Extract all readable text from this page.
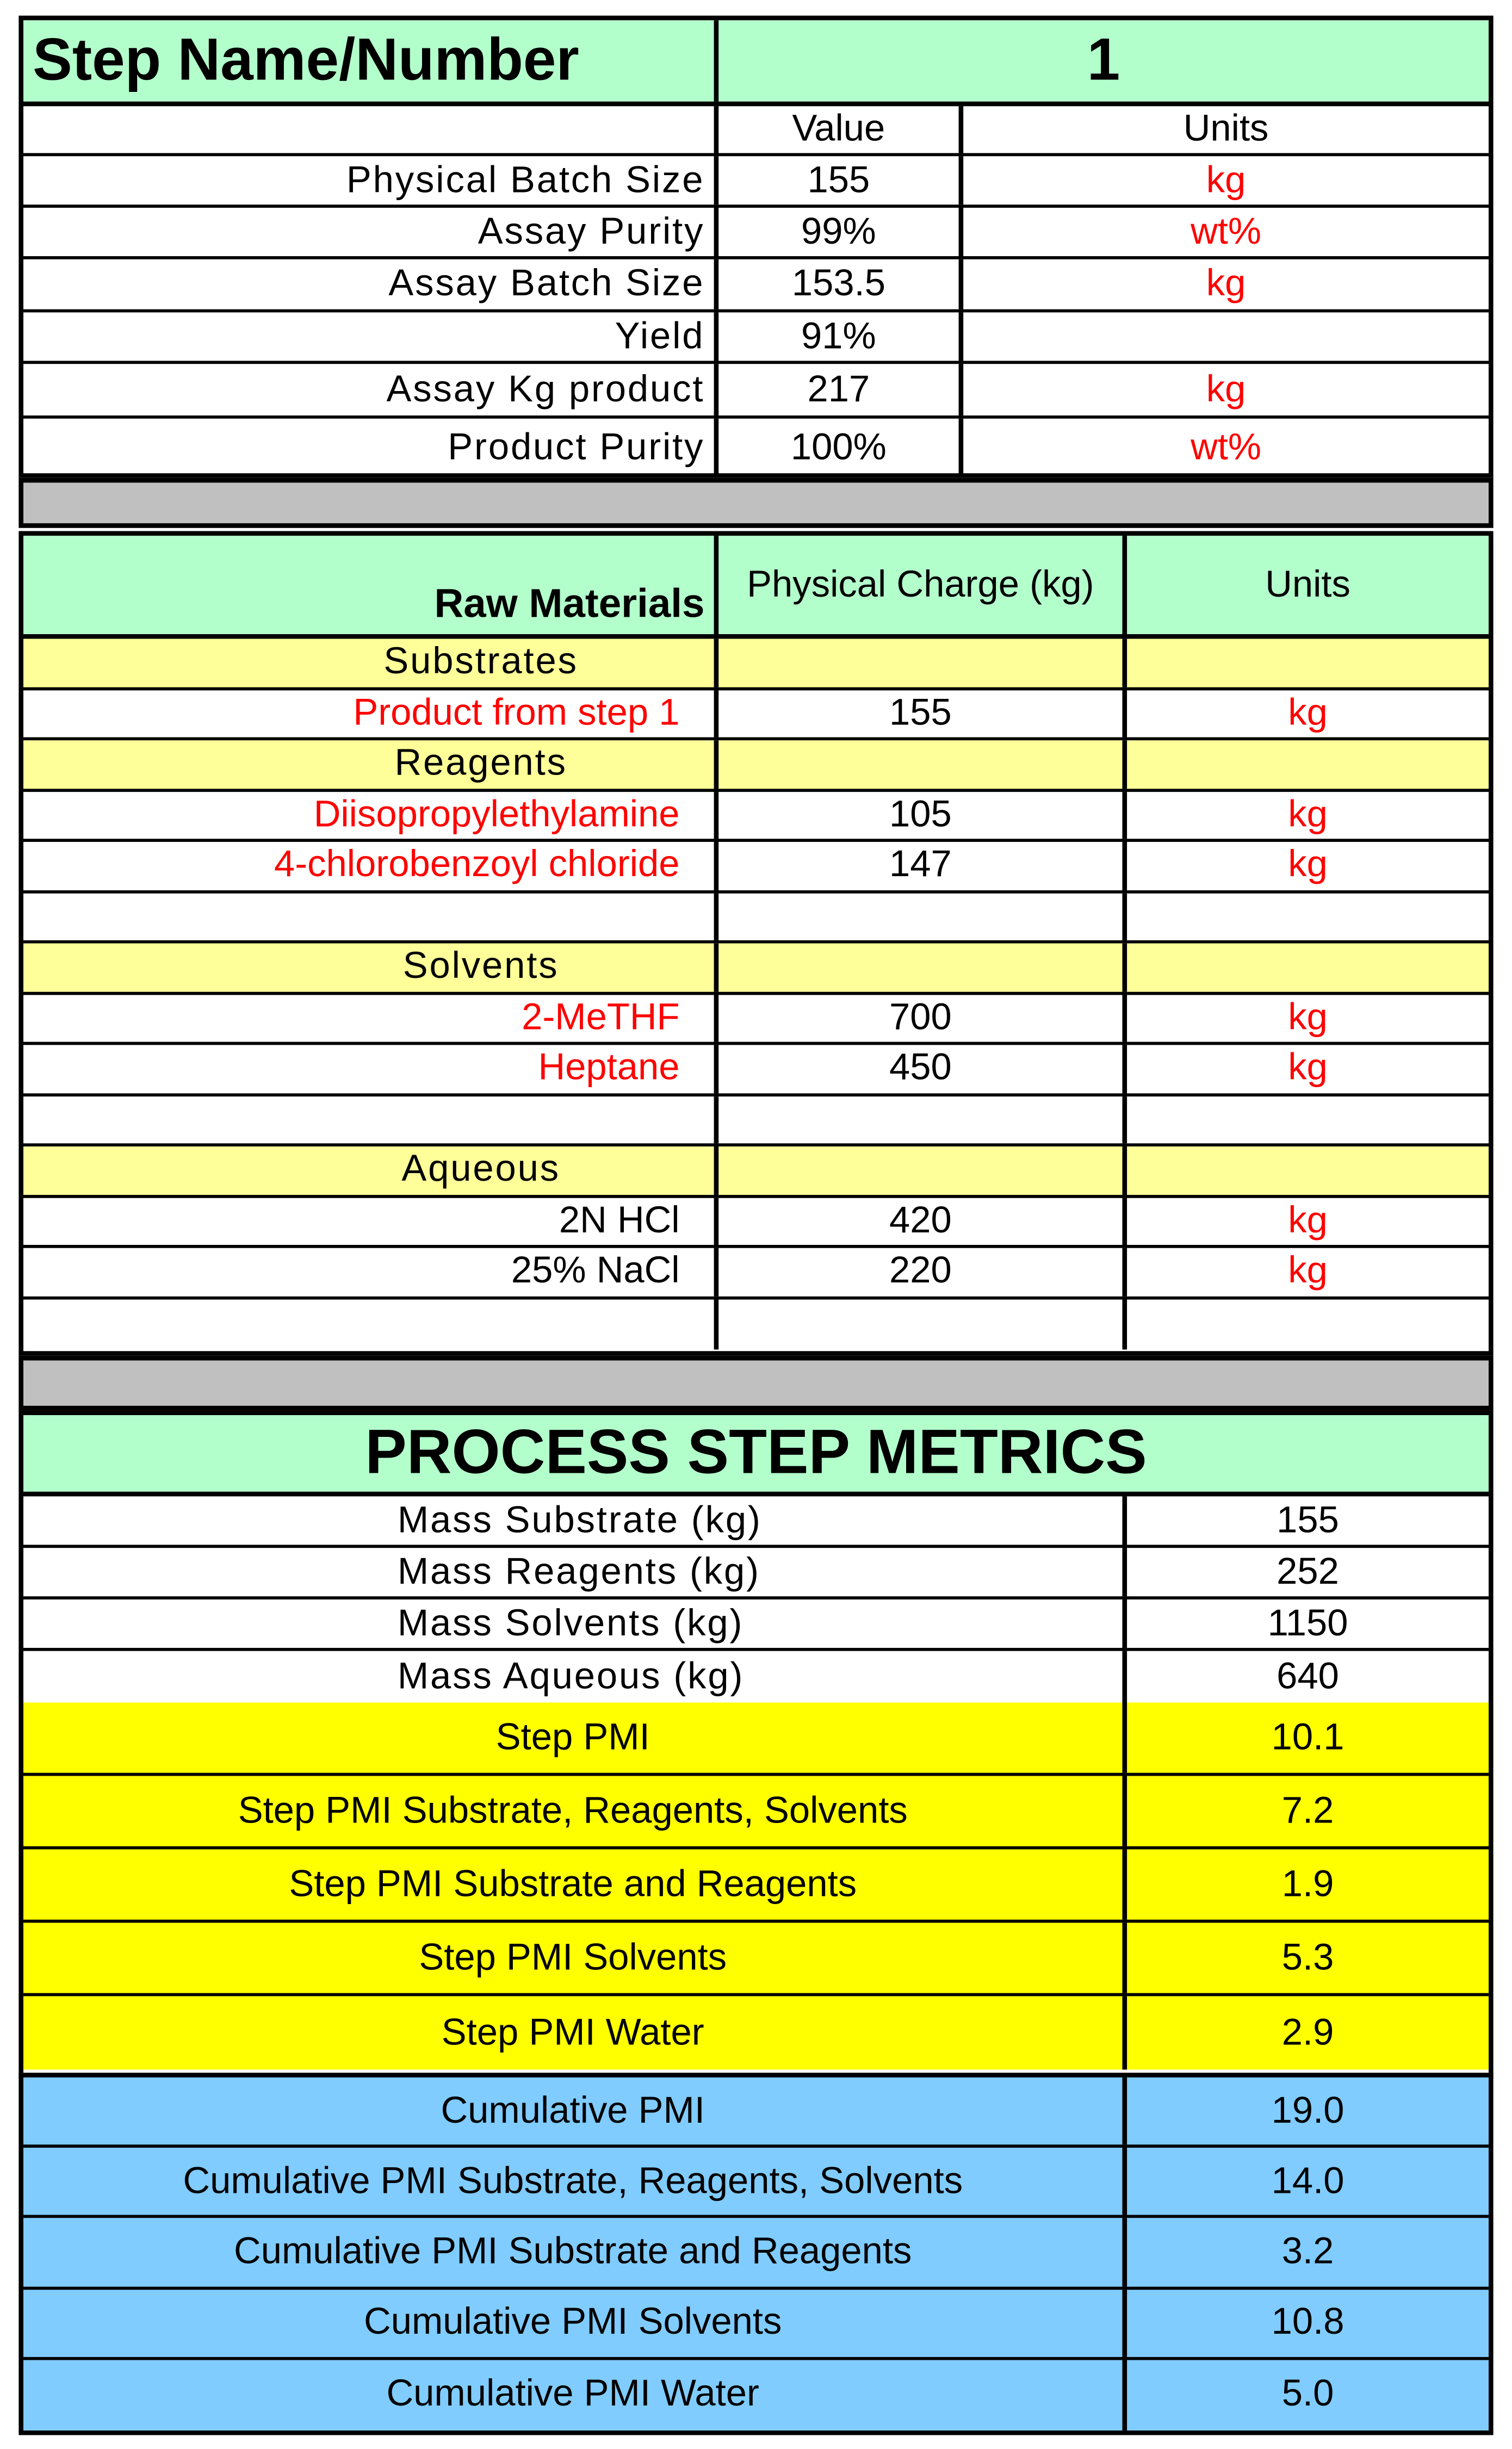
Step Name/Number	1
Value	Units
Physical Batch Size	155	kg
Assay Purity	99%	wt%
Assay Batch Size	153.5	kg
Yield	91%
Assay Kg product	217	kg
Product Purity	100%	wt%
Raw Materials	Physical Charge (kg)	Units
Substrates
Product from step 1	155	kg
Reagents
Diisopropylethylamine	105	kg
4-chlorobenzoyl chloride	147	kg
Solvents
2-MeTHF	700	kg
Heptane	450	kg
Aqueous
2N HCl	420	kg
25% NaCl	220	kg
PROCESS STEP METRICS
Mass Substrate (kg)	155
Mass Reagents (kg)	252
Mass Solvents (kg)	1150
Mass Aqueous (kg)	640
Step PMI	10.1
Step PMI Substrate, Reagents, Solvents	7.2
Step PMI Substrate and Reagents	1.9
Step PMI Solvents	5.3
Step PMI Water	2.9
Cumulative PMI	19.0
Cumulative PMI Substrate, Reagents, Solvents	14.0
Cumulative PMI Substrate and Reagents	3.2
Cumulative PMI Solvents	10.8
Cumulative PMI Water	5.0
